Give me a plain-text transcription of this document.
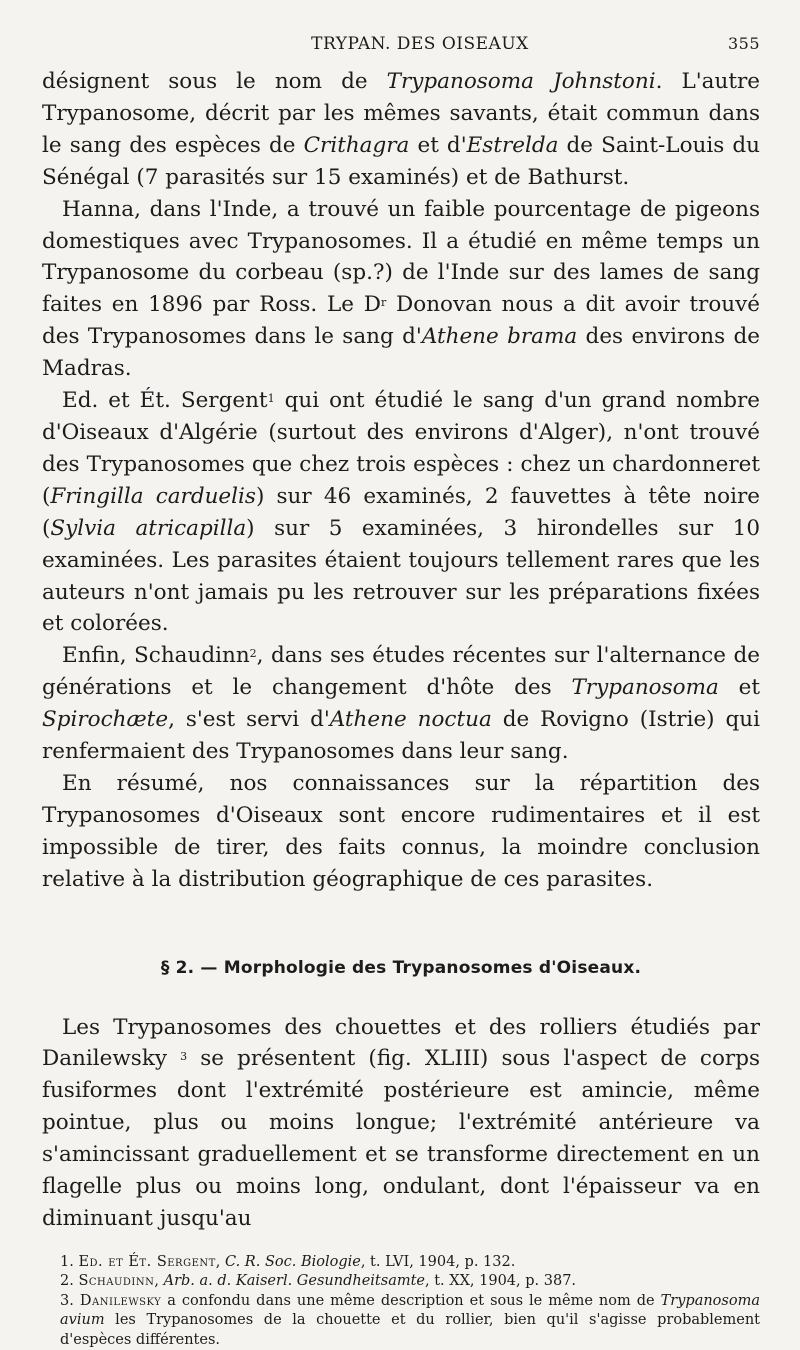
TRYPAN. DES OISEAUX	355

désignent sous le nom de Trypanosoma Johnstoni. L'autre Trypanosome, décrit par les mêmes savants, était commun dans le sang des espèces de Crithagra et d'Estrelda de Saint-Louis du Sénégal (7 parasités sur 15 examinés) et de Bathurst.

Hanna, dans l'Inde, a trouvé un faible pourcentage de pigeons domestiques avec Trypanosomes. Il a étudié en même temps un Trypanosome du corbeau (sp.?) de l'Inde sur des lames de sang faites en 1896 par Ross. Le $D^r$ Donovan nous a dit avoir trouvé des Trypanosomes dans le sang d'Athene brama des environs de Madras.

Ed. et Ét. Sergent$^1$ qui ont étudié le sang d'un grand nombre d'Oiseaux d'Algérie (surtout des environs d'Alger), n'ont trouvé des Trypanosomes que chez trois espèces : chez un chardonneret (Fringilla carduelis) sur 46 examinés, 2 fauvettes à tête noire (Sylvia atricapilla) sur 5 examinées, 3 hirondelles sur 10 examinées. Les parasites étaient toujours tellement rares que les auteurs n'ont jamais pu les retrouver sur les préparations fixées et colorées.

Enfin, Schaudinn$^2$, dans ses études récentes sur l'alternance de générations et le changement d'hôte des Trypanosoma et Spirochæte, s'est servi d'Athene noctua de Rovigno (Istrie) qui renfermaient des Trypanosomes dans leur sang.

En résumé, nos connaissances sur la répartition des Trypanosomes d'Oiseaux sont encore rudimentaires et il est impossible de tirer, des faits connus, la moindre conclusion relative à la distribution géographique de ces parasites.

§ 2. — Morphologie des Trypanosomes d'Oiseaux.

Les Trypanosomes des chouettes et des rolliers étudiés par Danilewsky $^3$ se présentent (fig. XLIII) sous l'aspect de corps fusiformes dont l'extrémité postérieure est amincie, même pointue, plus ou moins longue; l'extrémité antérieure va s'amincissant graduellement et se transforme directement en un flagelle plus ou moins long, ondulant, dont l'épaisseur va en diminuant jusqu'au

1. Ed. et Ét. Sergent, C. R. Soc. Biologie, t. LVI, 1904, p. 132.
2. Schaudinn, Arb. a. d. Kaiserl. Gesundheitsamte, t. XX, 1904, p. 387.
3. Danilewsky a confondu dans une même description et sous le même nom de Trypanosoma avium les Trypanosomes de la chouette et du rollier, bien qu'il s'agisse probablement d'espèces différentes.
